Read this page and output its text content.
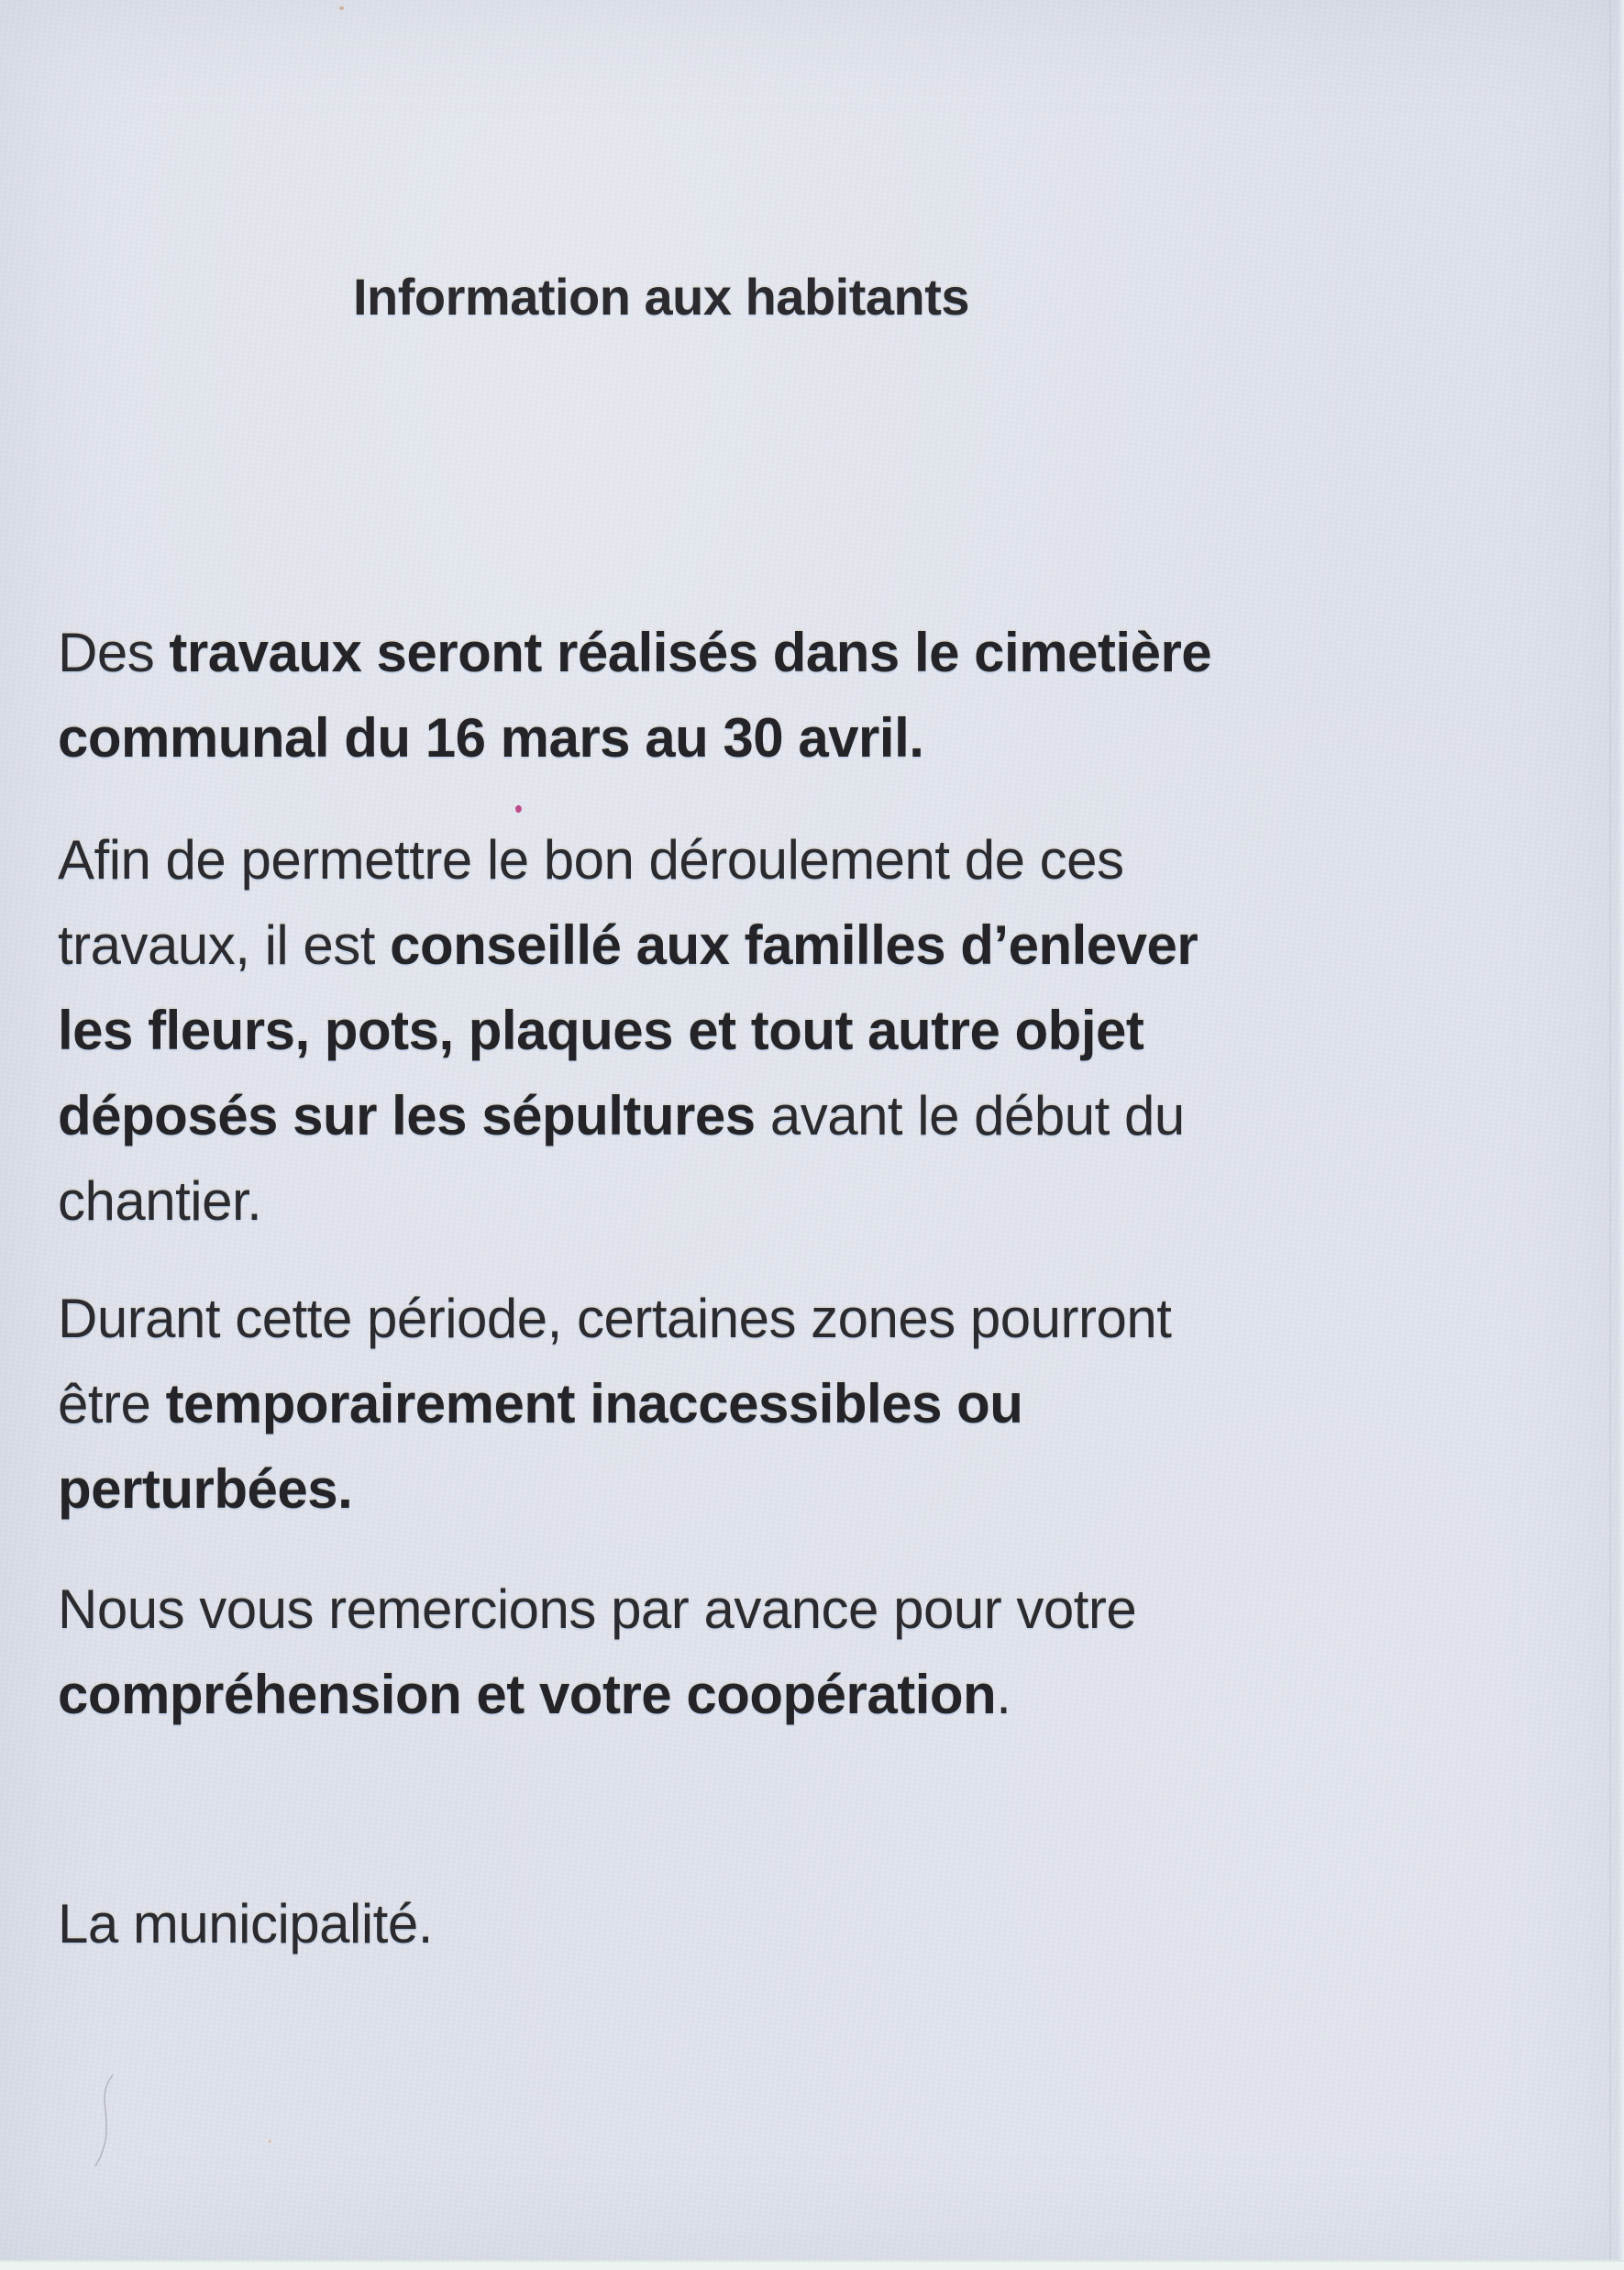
Information aux habitants

Des travaux seront réalisés dans le cimetière
communal du 16 mars au 30 avril.

Afin de permettre le bon déroulement de ces
travaux, il est conseillé aux familles d’enlever
les fleurs, pots, plaques et tout autre objet
déposés sur les sépultures avant le début du
chantier.

Durant cette période, certaines zones pourront
être temporairement inaccessibles ou
perturbées.

Nous vous remercions par avance pour votre
compréhension et votre coopération.

La municipalité.
